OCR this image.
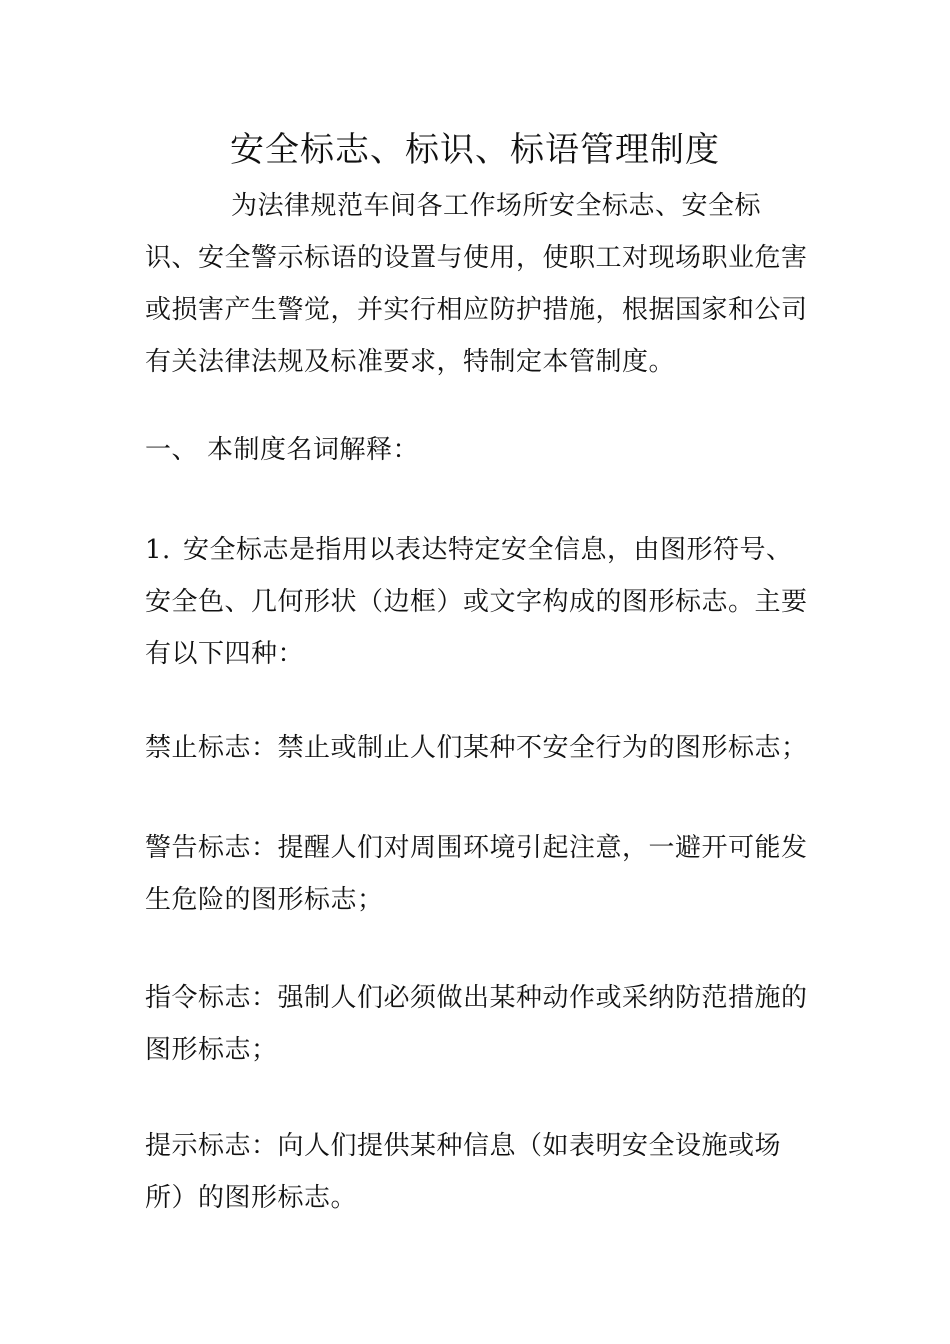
安全标志、标识、标语管理制度
为法律规范车间各工作场所安全标志、安全标识、安全警示标语的设置与使用，使职工对现场职业危害或损害产生警觉，并实行相应防护措施，根据国家和公司有关法律法规及标准要求，特制定本管制度。
一、 本制度名词解释：
1. 安全标志是指用以表达特定安全信息，由图形符号、安全色、几何形状（边框）或文字构成的图形标志。主要有以下四种：
禁止标志：禁止或制止人们某种不安全行为的图形标志；
警告标志：提醒人们对周围环境引起注意，一避开可能发生危险的图形标志；
指令标志：强制人们必须做出某种动作或采纳防范措施的图形标志；
提示标志：向人们提供某种信息（如表明安全设施或场所）的图形标志。
